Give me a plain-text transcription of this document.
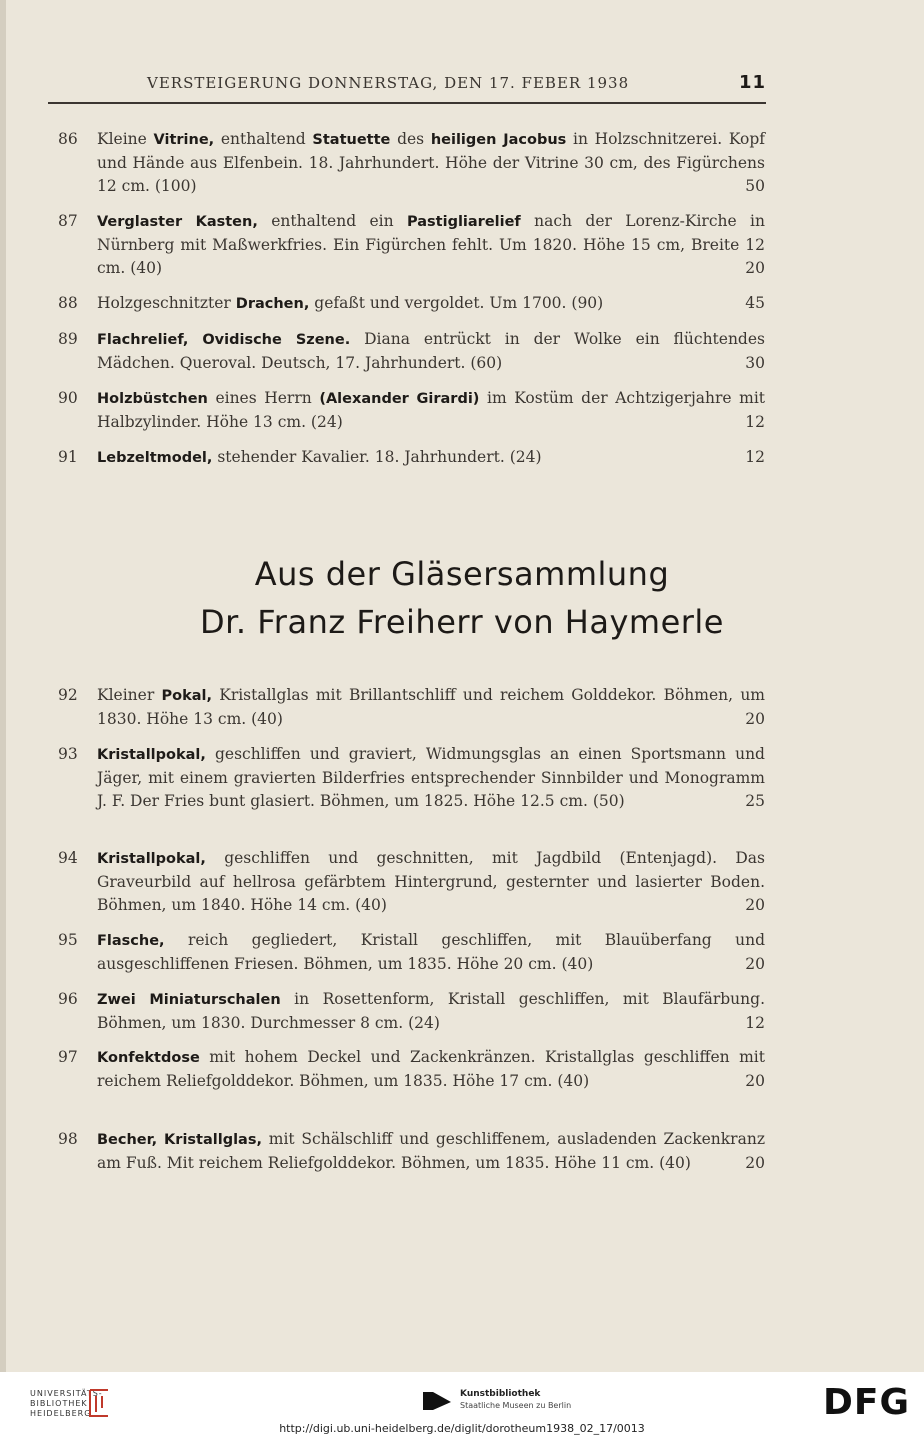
VERSTEIGERUNG DONNERSTAG, DEN 17. FEBER 1938	11
86 Kleine Vitrine, enthaltend Statuette des heiligen Jacobus in Holzschnitzerei. Kopf und Hände aus Elfenbein. 18. Jahrhundert. Höhe der Vitrine 30 cm, des Figürchens 12 cm. (100)	50
87 Verglaster Kasten, enthaltend ein Pastigliarelief nach der Lorenz-Kirche in Nürnberg mit Maßwerkfries. Ein Figürchen fehlt. Um 1820. Höhe 15 cm, Breite 12 cm. (40)	20
88 Holzgeschnitzter Drachen, gefaßt und vergoldet. Um 1700. (90)	45
89 Flachrelief, Ovidische Szene. Diana entrückt in der Wolke ein flüchtendes Mädchen. Queroval. Deutsch, 17. Jahrhundert. (60)	30
90 Holzbüstchen eines Herrn (Alexander Girardi) im Kostüm der Achtzigerjahre mit Halbzylinder. Höhe 13 cm. (24)	12
91 Lebzeltmodel, stehender Kavalier. 18. Jahrhundert. (24)	12
Aus der Gläsersammlung
Dr. Franz Freiherr von Haymerle
92 Kleiner Pokal, Kristallglas mit Brillantschliff und reichem Golddekor. Böhmen, um 1830. Höhe 13 cm. (40)	20
93 Kristallpokal, geschliffen und graviert, Widmungsglas an einen Sportsmann und Jäger, mit einem gravierten Bilderfries entsprechender Sinnbilder und Monogramm J. F. Der Fries bunt glasiert. Böhmen, um 1825. Höhe 12.5 cm. (50)	25
94 Kristallpokal, geschliffen und geschnitten, mit Jagdbild (Entenjagd). Das Graveurbild auf hellrosa gefärbtem Hintergrund, gesternter und lasierter Boden. Böhmen, um 1840. Höhe 14 cm. (40)	20
95 Flasche, reich gegliedert, Kristall geschliffen, mit Blauüberfang und ausgeschliffenen Friesen. Böhmen, um 1835. Höhe 20 cm. (40)	20
96 Zwei Miniaturschalen in Rosettenform, Kristall geschliffen, mit Blaufärbung. Böhmen, um 1830. Durchmesser 8 cm. (24)	12
97 Konfektdose mit hohem Deckel und Zackenkränzen. Kristallglas geschliffen mit reichem Reliefgolddekor. Böhmen, um 1835. Höhe 17 cm. (40)	20
98 Becher, Kristallglas, mit Schälschliff und geschliffenem, ausladenden Zackenkranz am Fuß. Mit reichem Reliefgolddekor. Böhmen, um 1835. Höhe 11 cm. (40)	20
UNIVERSITÄTS-
BIBLIOTHEK
HEIDELBERG
Kunstbibliothek
Staatliche Museen zu Berlin	DFG
http://digi.ub.uni-heidelberg.de/diglit/dorotheum1938_02_17/0013
